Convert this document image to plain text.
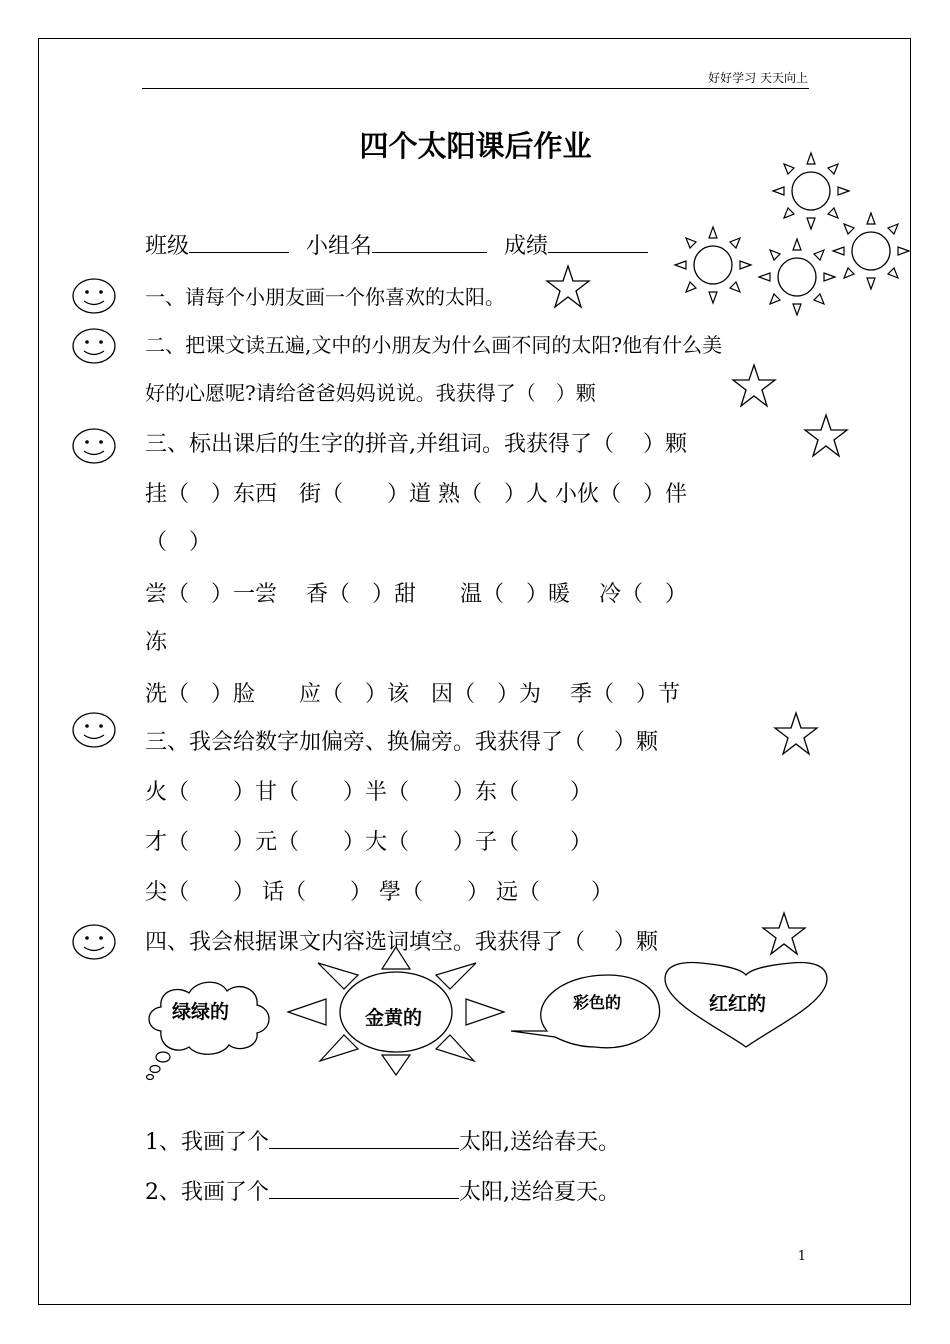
好好学习 天天向上
四个太阳课后作业
班级	小组名	成绩
一、请每个小朋友画一个你喜欢的太阳。
二、把课文读五遍,文中的小朋友为什么画不同的太阳?他有什么美
好的心愿呢?请给爸爸妈妈说说。我获得了（　）颗
三、标出课后的生字的拼音,并组词。我获得了（　 ）颗
挂（　）东西　街（　　）道 熟（　）人 小伙（　）伴
（　）
尝（　）一尝　 香（　）甜　　温（　）暖　 冷（　）
冻
洗（　）脸　　应（　）该　因（　）为　 季（　）节
三、我会给数字加偏旁、换偏旁。我获得了（　 ）颗
火（　　）甘（　　）半（　　）东（　　 ）
才（　　）元（　　）大（　　）子（　　 ）
尖（　　） 话（　　） 學（　　） 远（　　 ）
四、我会根据课文内容选词填空。我获得了（　 ）颗
绿绿的	金黄的
彩色的	红红的
1、我画了个	太阳,送给春天。
2、我画了个	太阳,送给夏天。
1
